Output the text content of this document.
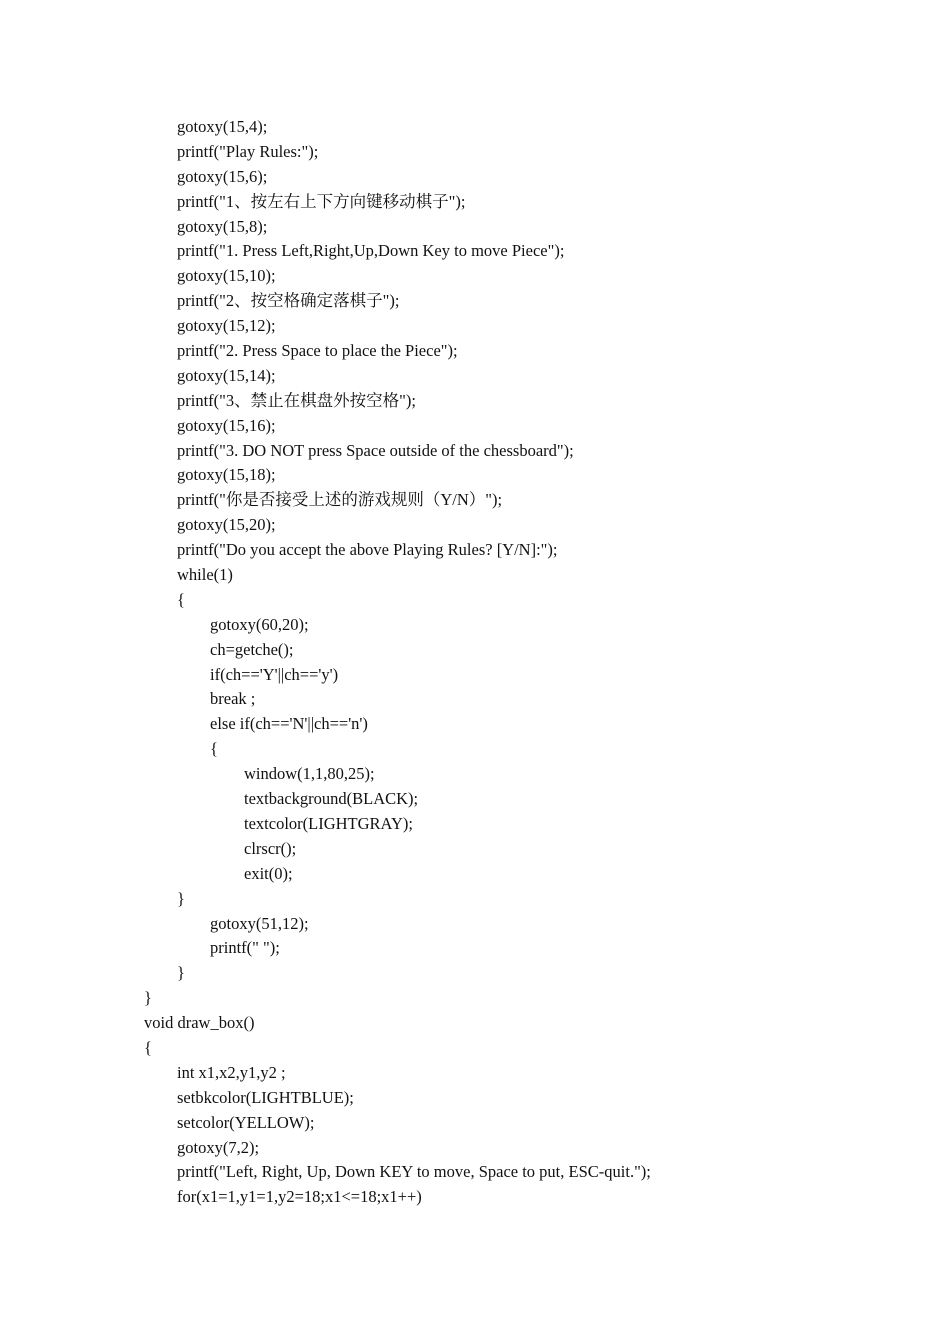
gotoxy(15,4);
printf("Play Rules:");
gotoxy(15,6);
printf("1、按左右上下方向键移动棋子");
gotoxy(15,8);
printf("1. Press Left,Right,Up,Down Key to move Piece");
gotoxy(15,10);
printf("2、按空格确定落棋子");
gotoxy(15,12);
printf("2. Press Space to place the Piece");
gotoxy(15,14);
printf("3、禁止在棋盘外按空格");
gotoxy(15,16);
printf("3. DO NOT press Space outside of the chessboard");
gotoxy(15,18);
printf("你是否接受上述的游戏规则（Y/N）");
gotoxy(15,20);
printf("Do you accept the above Playing Rules? [Y/N]:");
while(1)
{
gotoxy(60,20);
ch=getche();
if(ch=='Y'||ch=='y')
break ;
else if(ch=='N'||ch=='n')
{
window(1,1,80,25);
textbackground(BLACK);
textcolor(LIGHTGRAY);
clrscr();
exit(0);
}
gotoxy(51,12);
printf(" ");
}
}
void draw_box()
{
int x1,x2,y1,y2 ;
setbkcolor(LIGHTBLUE);
setcolor(YELLOW);
gotoxy(7,2);
printf("Left, Right, Up, Down KEY to move, Space to put, ESC-quit.");
for(x1=1,y1=1,y2=18;x1<=18;x1++)
